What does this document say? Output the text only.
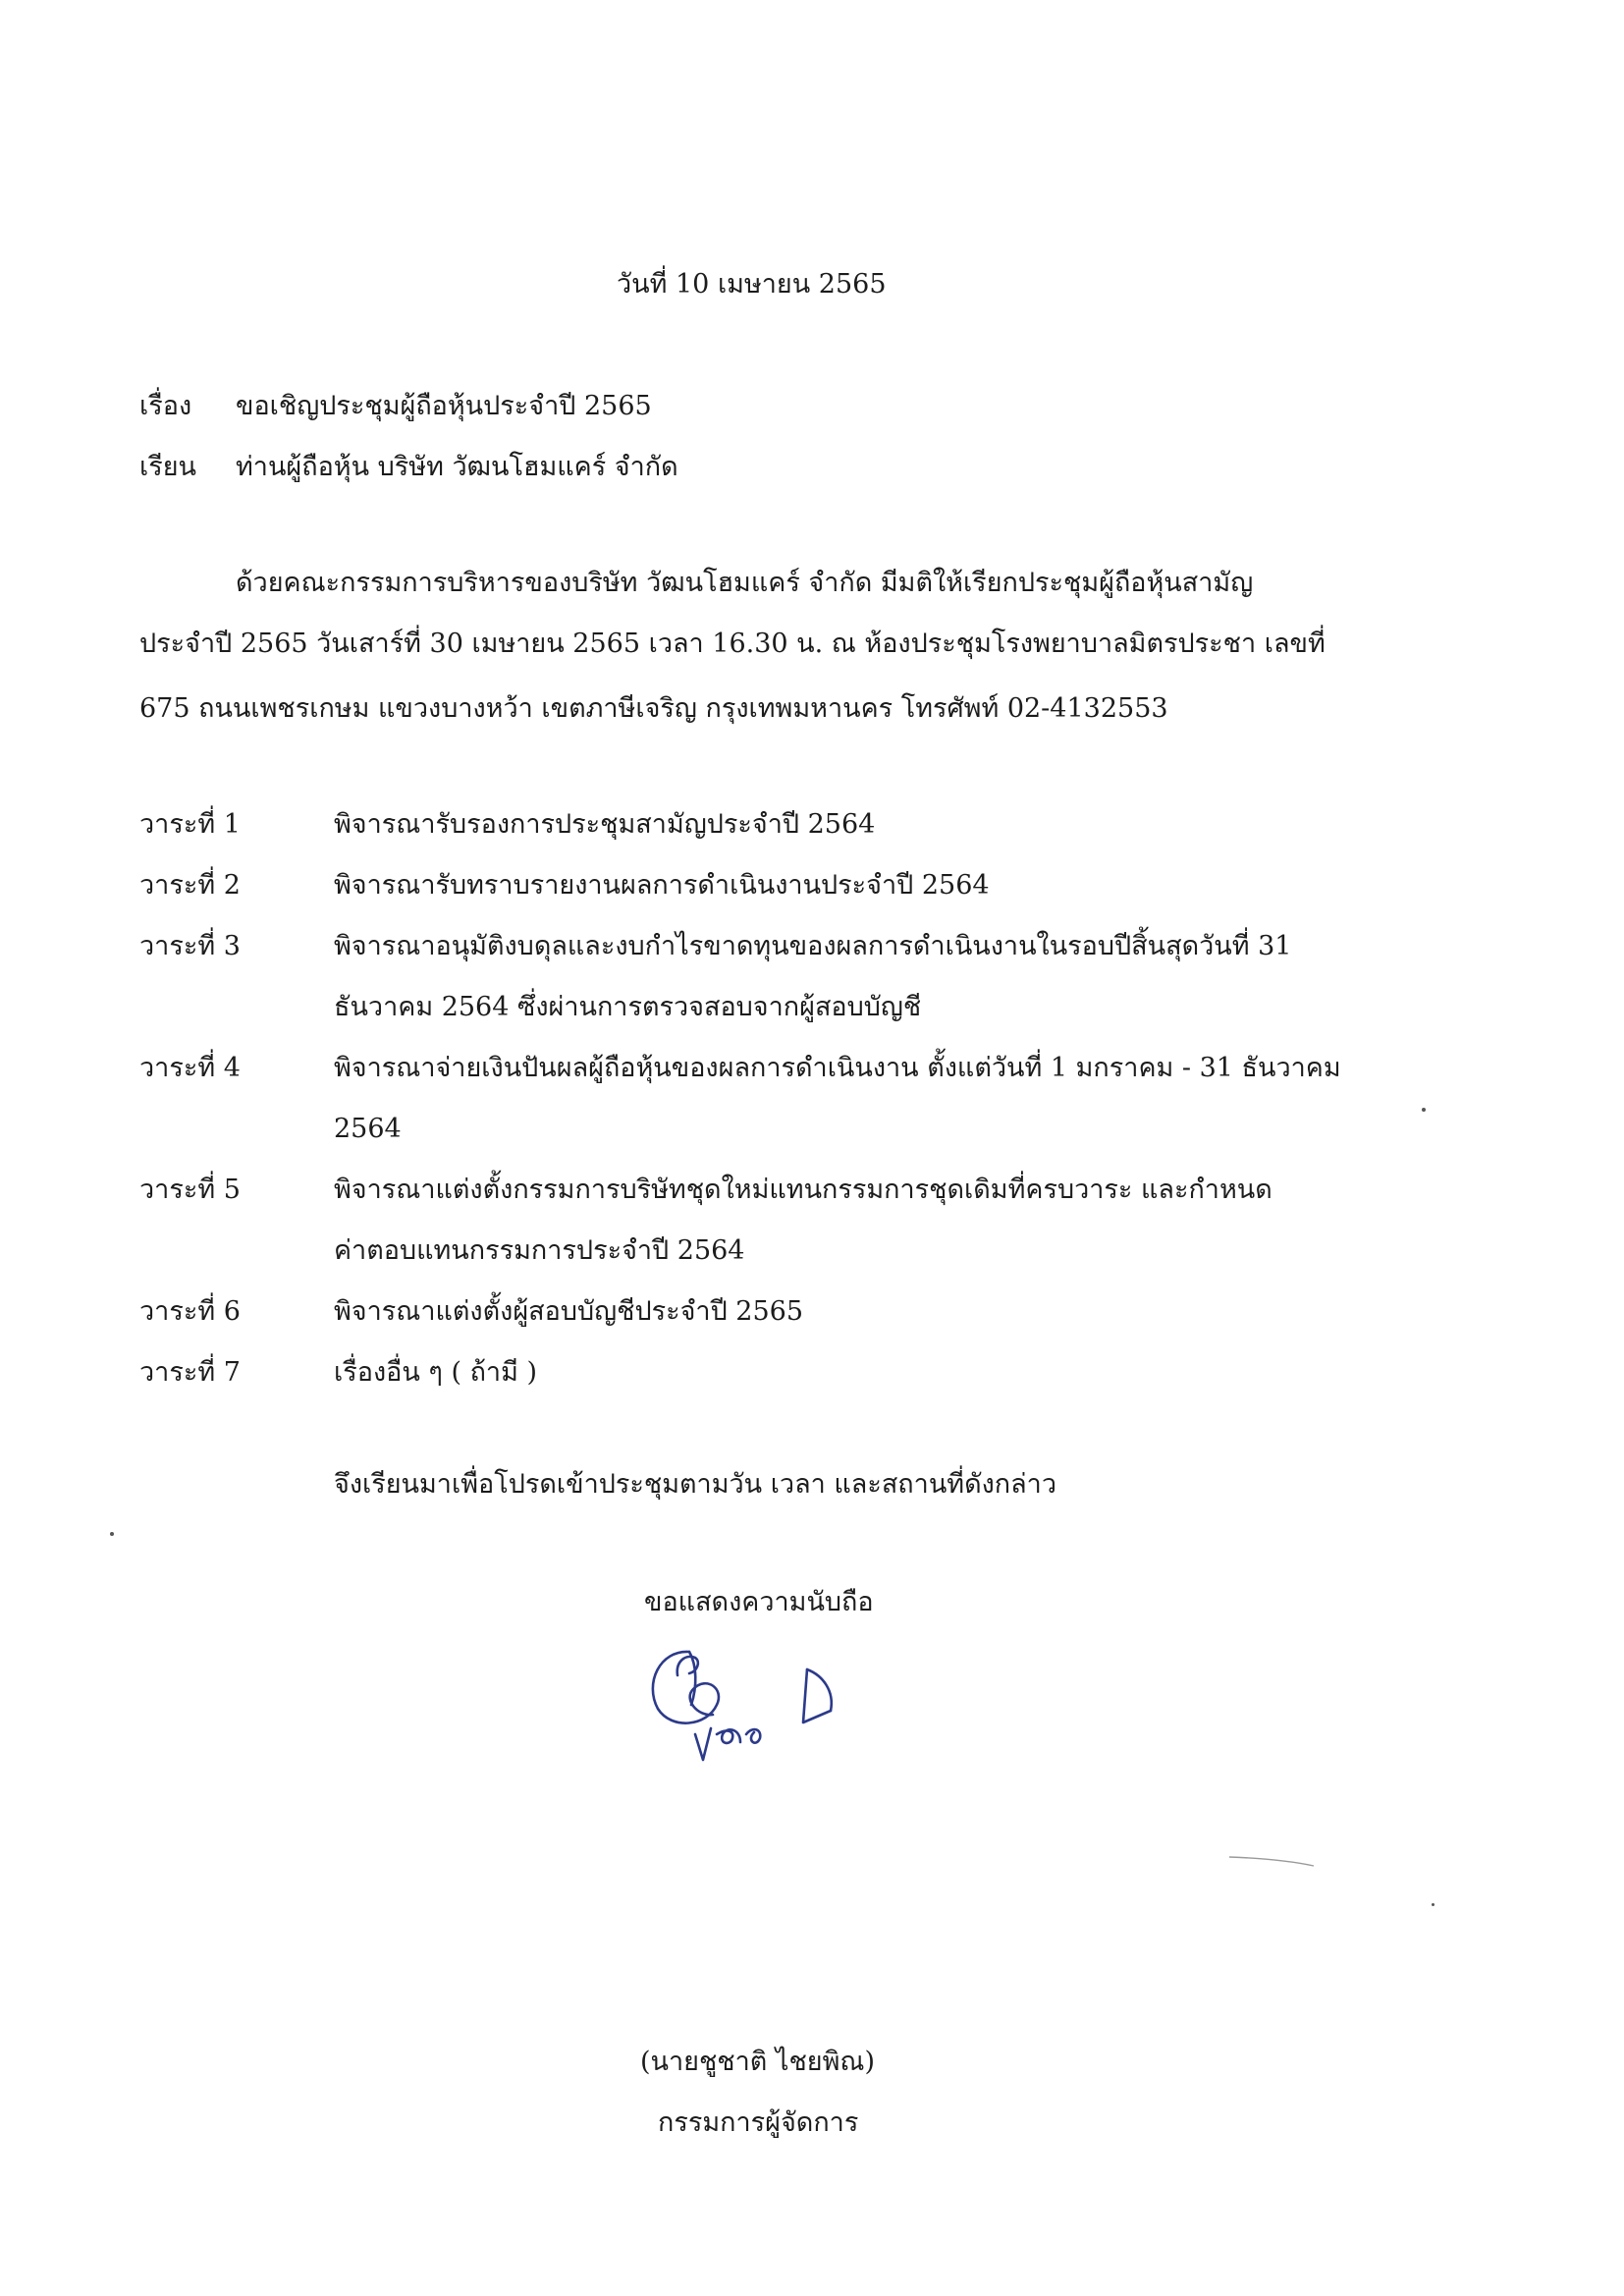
วันที่ 10 เมษายน 2565
เรื่อง ขอเชิญประชุมผู้ถือหุ้นประจำปี 2565
เรียน ท่านผู้ถือหุ้น บริษัท วัฒนโฮมแคร์ จำกัด
ด้วยคณะกรรมการบริหารของบริษัท วัฒนโฮมแคร์ จำกัด มีมติให้เรียกประชุมผู้ถือหุ้นสามัญ
ประจำปี 2565 วันเสาร์ที่ 30 เมษายน 2565 เวลา 16.30 น. ณ ห้องประชุมโรงพยาบาลมิตรประชา เลขที่
675 ถนนเพชรเกษม แขวงบางหว้า เขตภาษีเจริญ กรุงเทพมหานคร โทรศัพท์ 02-4132553
วาระที่ 1	พิจารณารับรองการประชุมสามัญประจำปี 2564
วาระที่ 2	พิจารณารับทราบรายงานผลการดำเนินงานประจำปี 2564
วาระที่ 3	พิจารณาอนุมัติงบดุลและงบกำไรขาดทุนของผลการดำเนินงานในรอบปีสิ้นสุดวันที่ 31
ธันวาคม 2564 ซึ่งผ่านการตรวจสอบจากผู้สอบบัญชี
วาระที่ 4	พิจารณาจ่ายเงินปันผลผู้ถือหุ้นของผลการดำเนินงาน ตั้งแต่วันที่ 1 มกราคม - 31 ธันวาคม
2564
วาระที่ 5	พิจารณาแต่งตั้งกรรมการบริษัทชุดใหม่แทนกรรมการชุดเดิมที่ครบวาระ และกำหนด
ค่าตอบแทนกรรมการประจำปี 2564
วาระที่ 6	พิจารณาแต่งตั้งผู้สอบบัญชีประจำปี 2565
วาระที่ 7	เรื่องอื่น ๆ ( ถ้ามี )
จึงเรียนมาเพื่อโปรดเข้าประชุมตามวัน เวลา และสถานที่ดังกล่าว
ขอแสดงความนับถือ
(นายชูชาติ ไชยพิณ)
กรรมการผู้จัดการ
